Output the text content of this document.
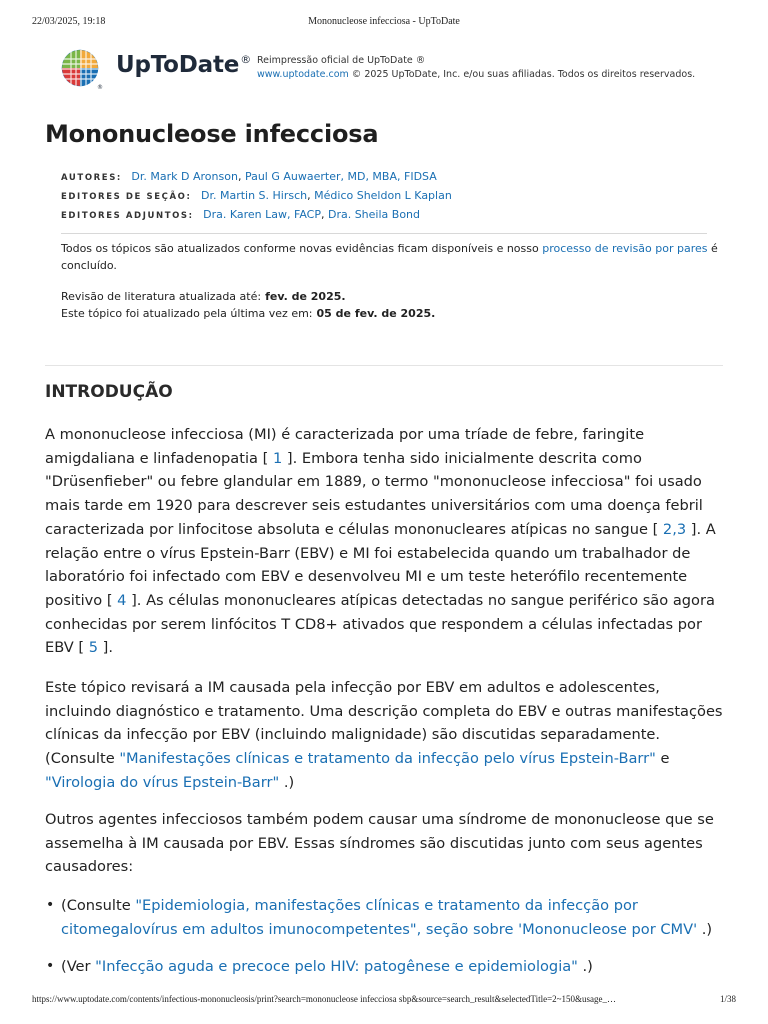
22/03/2025, 19:18	Mononucleose infecciosa - UpToDate
®
UpToDate® Reimpressão oficial de UpToDate ®
www.uptodate.com © 2025 UpToDate, Inc. e/ou suas afiliadas. Todos os direitos reservados.
Mononucleose infecciosa
AUTORES: Dr. Mark D Aronson, Paul G Auwaerter, MD, MBA, FIDSA
EDITORES DE SEÇÃO: Dr. Martin S. Hirsch, Médico Sheldon L Kaplan
EDITORES ADJUNTOS: Dra. Karen Law, FACP, Dra. Sheila Bond
Todos os tópicos são atualizados conforme novas evidências ficam disponíveis e nosso processo de revisão por pares é concluído.
Revisão de literatura atualizada até: fev. de 2025.
Este tópico foi atualizado pela última vez em: 05 de fev. de 2025.
INTRODUÇÃO

A mononucleose infecciosa (MI) é caracterizada por uma tríade de febre, faringite amigdaliana e linfadenopatia [ 1 ]. Embora tenha sido inicialmente descrita como "Drüsenfieber" ou febre glandular em 1889, o termo "mononucleose infecciosa" foi usado mais tarde em 1920 para descrever seis estudantes universitários com uma doença febril caracterizada por linfocitose absoluta e células mononucleares atípicas no sangue [ 2,3 ]. A relação entre o vírus Epstein-Barr (EBV) e MI foi estabelecida quando um trabalhador de laboratório foi infectado com EBV e desenvolveu MI e um teste heterófilo recentemente positivo [ 4 ]. As células mononucleares atípicas detectadas no sangue periférico são agora conhecidas por serem linfócitos T CD8+ ativados que respondem a células infectadas por EBV [ 5 ].

Este tópico revisará a IM causada pela infecção por EBV em adultos e adolescentes, incluindo diagnóstico e tratamento. Uma descrição completa do EBV e outras manifestações clínicas da infecção por EBV (incluindo malignidade) são discutidas separadamente. (Consulte "Manifestações clínicas e tratamento da infecção pelo vírus Epstein-Barr" e "Virologia do vírus Epstein-Barr" .)

Outros agentes infecciosos também podem causar uma síndrome de mononucleose que se assemelha à IM causada por EBV. Essas síndromes são discutidas junto com seus agentes causadores:

• (Consulte "Epidemiologia, manifestações clínicas e tratamento da infecção por citomegalovírus em adultos imunocompetentes", seção sobre 'Mononucleose por CMV' .)
• (Ver "Infecção aguda e precoce pelo HIV: patogênese e epidemiologia" .)
https://www.uptodate.com/contents/infectious-mononucleosis/print?search=mononucleose infecciosa sbp&source=search_result&selectedTitle=2~150&usage_…	1/38
